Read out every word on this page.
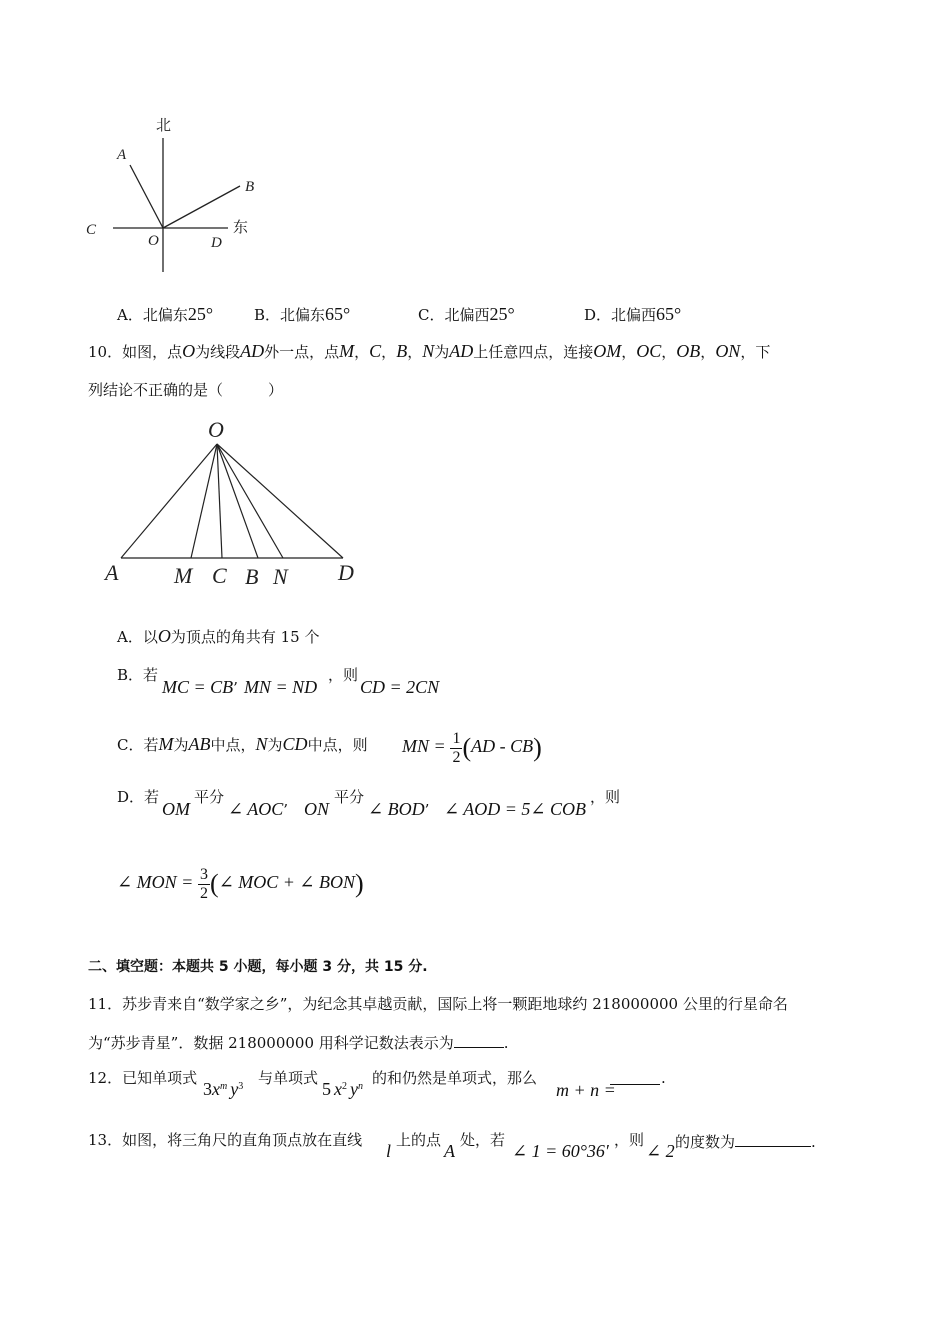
北
东
A
B
C
O	D
A．北偏东25°	B．北偏东65°	C．北偏西25°	D．北偏西65°
10．如图，点O为线段AD外一点，点M，C，B，N为AD上任意四点，连接OM，OC，OB，ON，下
列结论不正确的是（　　　）
O
A	M C B N D
A．以O为顶点的角共有 15 个
B．若
MC = CB’ MN = ND
，则
CD = 2CN
C．若M为AB中点，N为CD中点，则 MN = $\frac{1}{2} (AD - CB)$
D．若
OM
平分
∠ AOC’ ON
平分
∠ BOD’ ∠ AOD = 5∠ COB
，则
∠ MON = $\frac{3}{2}$ (∠ MOC + ∠ BON)
二、填空题：本题共 5 小题，每小题 3 分，共 15 分.
11．苏步青来自“数学家之乡”，为纪念其卓越贡献，国际上将一颗距地球约 218000000 公里的行星命名
为“苏步青星”．数据 218000000 用科学记数法表示为	.
12．已知单项式
$3x^m$ $y^3$ 与单项式
5 $x^2$ $y^n$ 的和仍然是单项式，那么
m + n =
.
13．如图，将三角尺的直角顶点放在直线
l
上的点
A
处，若
∠ 1 = 60°36′
，则
∠ 2 的度数为	.
